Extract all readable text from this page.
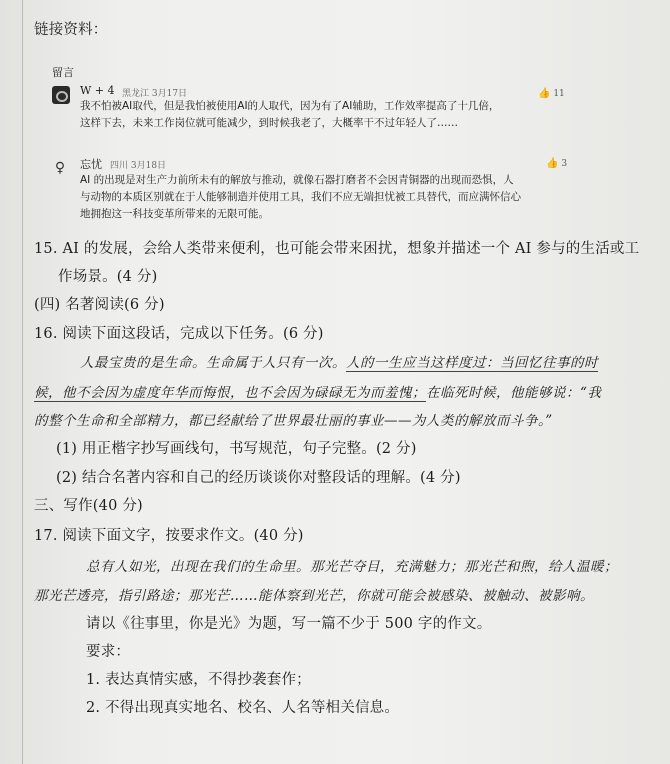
链接资料：
留言
W + 4 黑龙江 3月17日	👍 11
我不怕被AI取代，但是我怕被使用AI的人取代，因为有了AI辅助，工作效率提高了十几倍，
这样下去，未来工作岗位就可能减少，到时候我老了，大概率干不过年轻人了……
♀ 忘忧 四川 3月18日	👍 3
AI 的出现是对生产力前所未有的解放与推动，就像石器打磨者不会因青铜器的出现而恐惧，人
与动物的本质区别就在于人能够制造并使用工具，我们不应无端担忧被工具替代，而应满怀信心
地拥抱这一科技变革所带来的无限可能。
15. AI 的发展，会给人类带来便利，也可能会带来困扰，想象并描述一个 AI 参与的生活或工
作场景。(4 分)
(四) 名著阅读(6 分)
16. 阅读下面这段话，完成以下任务。(6 分)
人最宝贵的是生命。生命属于人只有一次。人的一生应当这样度过：当回忆往事的时
候，他不会因为虚度年华而悔恨，也不会因为碌碌无为而羞愧；在临死时候，他能够说：“我
的整个生命和全部精力，都已经献给了世界最壮丽的事业——为人类的解放而斗争。”
(1) 用正楷字抄写画线句，书写规范，句子完整。(2 分)
(2) 结合名著内容和自己的经历谈谈你对整段话的理解。(4 分)
三、写作(40 分)
17. 阅读下面文字，按要求作文。(40 分)
总有人如光，出现在我们的生命里。那光芒夺目，充满魅力；那光芒和煦，给人温暖；
那光芒透亮，指引路途；那光芒……能体察到光芒，你就可能会被感染、被触动、被影响。
请以《往事里，你是光》为题，写一篇不少于 500 字的作文。
要求：
1. 表达真情实感，不得抄袭套作；
2. 不得出现真实地名、校名、人名等相关信息。
